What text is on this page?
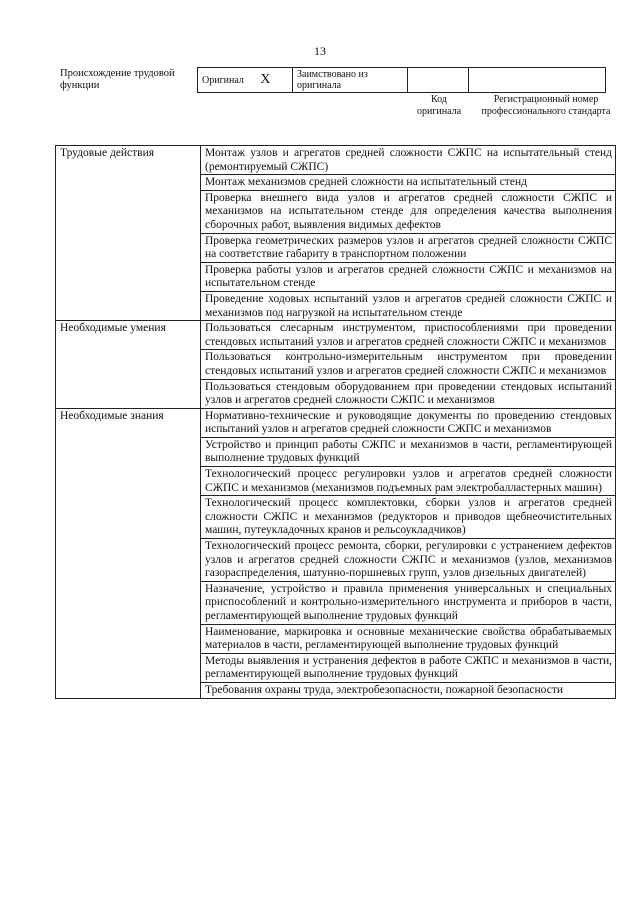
13
Происхождение трудовой функции	Оригинал X	Заимствовано из оригинала		
Код оригинала
Регистрационный номер профессионального стандарта
Трудовые действия	Монтаж узлов и агрегатов средней сложности СЖПС на испытательный стенд (ремонтируемый СЖПС)
	Монтаж механизмов средней сложности на испытательный стенд
	Проверка внешнего вида узлов и агрегатов средней сложности СЖПС и механизмов на испытательном стенде для определения качества выполнения сборочных работ, выявления видимых дефектов
	Проверка геометрических размеров узлов и агрегатов средней сложности СЖПС на соответствие габариту в транспортном положении
	Проверка работы узлов и агрегатов средней сложности СЖПС и механизмов на испытательном стенде
	Проведение ходовых испытаний узлов и агрегатов средней сложности СЖПС и механизмов под нагрузкой на испытательном стенде
Необходимые умения	Пользоваться слесарным инструментом, приспособлениями при проведении стендовых испытаний узлов и агрегатов средней сложности СЖПС и механизмов
	Пользоваться контрольно-измерительным инструментом при проведении стендовых испытаний узлов и агрегатов средней сложности СЖПС и механизмов
	Пользоваться стендовым оборудованием при проведении стендовых испытаний узлов и агрегатов средней сложности СЖПС и механизмов
Необходимые знания	Нормативно-технические и руководящие документы по проведению стендовых испытаний узлов и агрегатов средней сложности СЖПС и механизмов
	Устройство и принцип работы СЖПС и механизмов в части, регламентирующей выполнение трудовых функций
	Технологический процесс регулировки узлов и агрегатов средней сложности СЖПС и механизмов (механизмов подъемных рам электробалластерных машин)
	Технологический процесс комплектовки, сборки узлов и агрегатов средней сложности СЖПС и механизмов (редукторов и приводов щебнеочистительных машин, путеукладочных кранов и рельсоукладчиков)
	Технологический процесс ремонта, сборки, регулировки с устранением дефектов узлов и агрегатов средней сложности СЖПС и механизмов (узлов, механизмов газораспределения, шатунно-поршневых групп, узлов дизельных двигателей)
	Назначение, устройство и правила применения универсальных и специальных приспособлений и контрольно-измерительного инструмента и приборов в части, регламентирующей выполнение трудовых функций
	Наименование, маркировка и основные механические свойства обрабатываемых материалов в части, регламентирующей выполнение трудовых функций
	Методы выявления и устранения дефектов в работе СЖПС и механизмов в части, регламентирующей выполнение трудовых функций
	Требования охраны труда, электробезопасности, пожарной безопасности
